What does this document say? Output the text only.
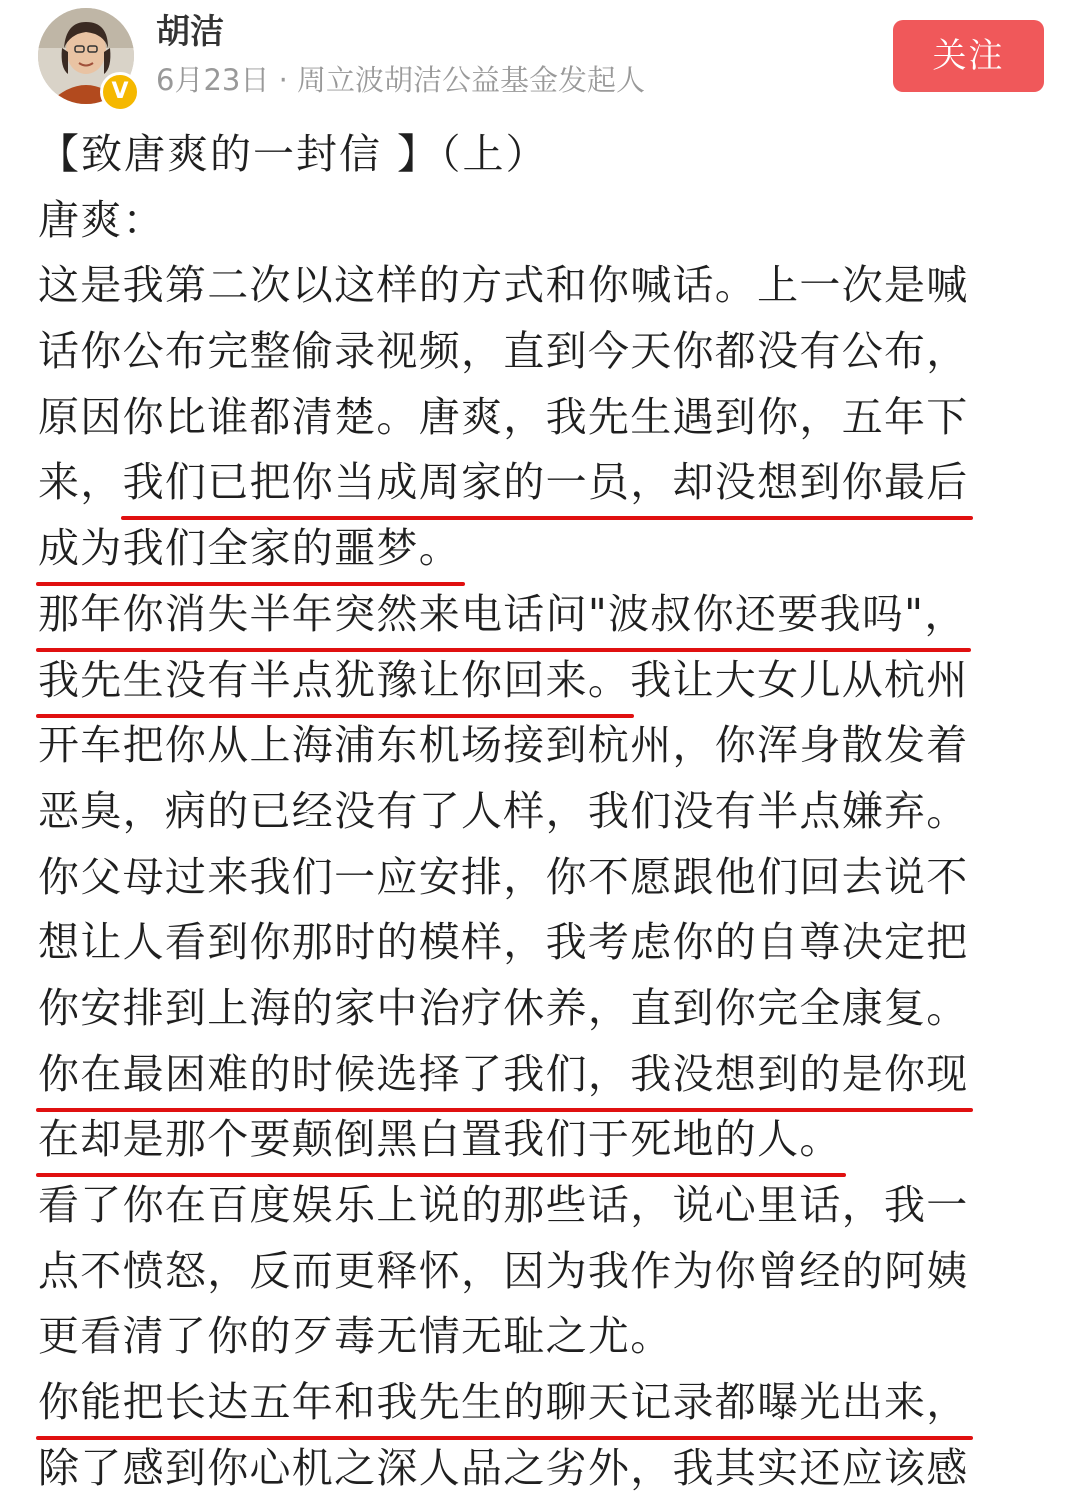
V
胡洁
6月23日 · 周立波胡洁公益基金发起人
关注
【致唐爽的一封信 】（上）
唐爽：
这是我第二次以这样的方式和你喊话。上一次是喊
话你公布完整偷录视频，直到今天你都没有公布，
原因你比谁都清楚。唐爽，我先生遇到你，五年下
来，我们已把你当成周家的一员，却没想到你最后
成为我们全家的噩梦。
那年你消失半年突然来电话问"波叔你还要我吗"，
我先生没有半点犹豫让你回来。我让大女儿从杭州
开车把你从上海浦东机场接到杭州，你浑身散发着
恶臭，病的已经没有了人样，我们没有半点嫌弃。
你父母过来我们一应安排，你不愿跟他们回去说不
想让人看到你那时的模样，我考虑你的自尊决定把
你安排到上海的家中治疗休养，直到你完全康复。
你在最困难的时候选择了我们，我没想到的是你现
在却是那个要颠倒黑白置我们于死地的人。
看了你在百度娱乐上说的那些话，说心里话，我一
点不愤怒，反而更释怀，因为我作为你曾经的阿姨
更看清了你的歹毒无情无耻之尤。
你能把长达五年和我先生的聊天记录都曝光出来，
除了感到你心机之深人品之劣外，我其实还应该感
